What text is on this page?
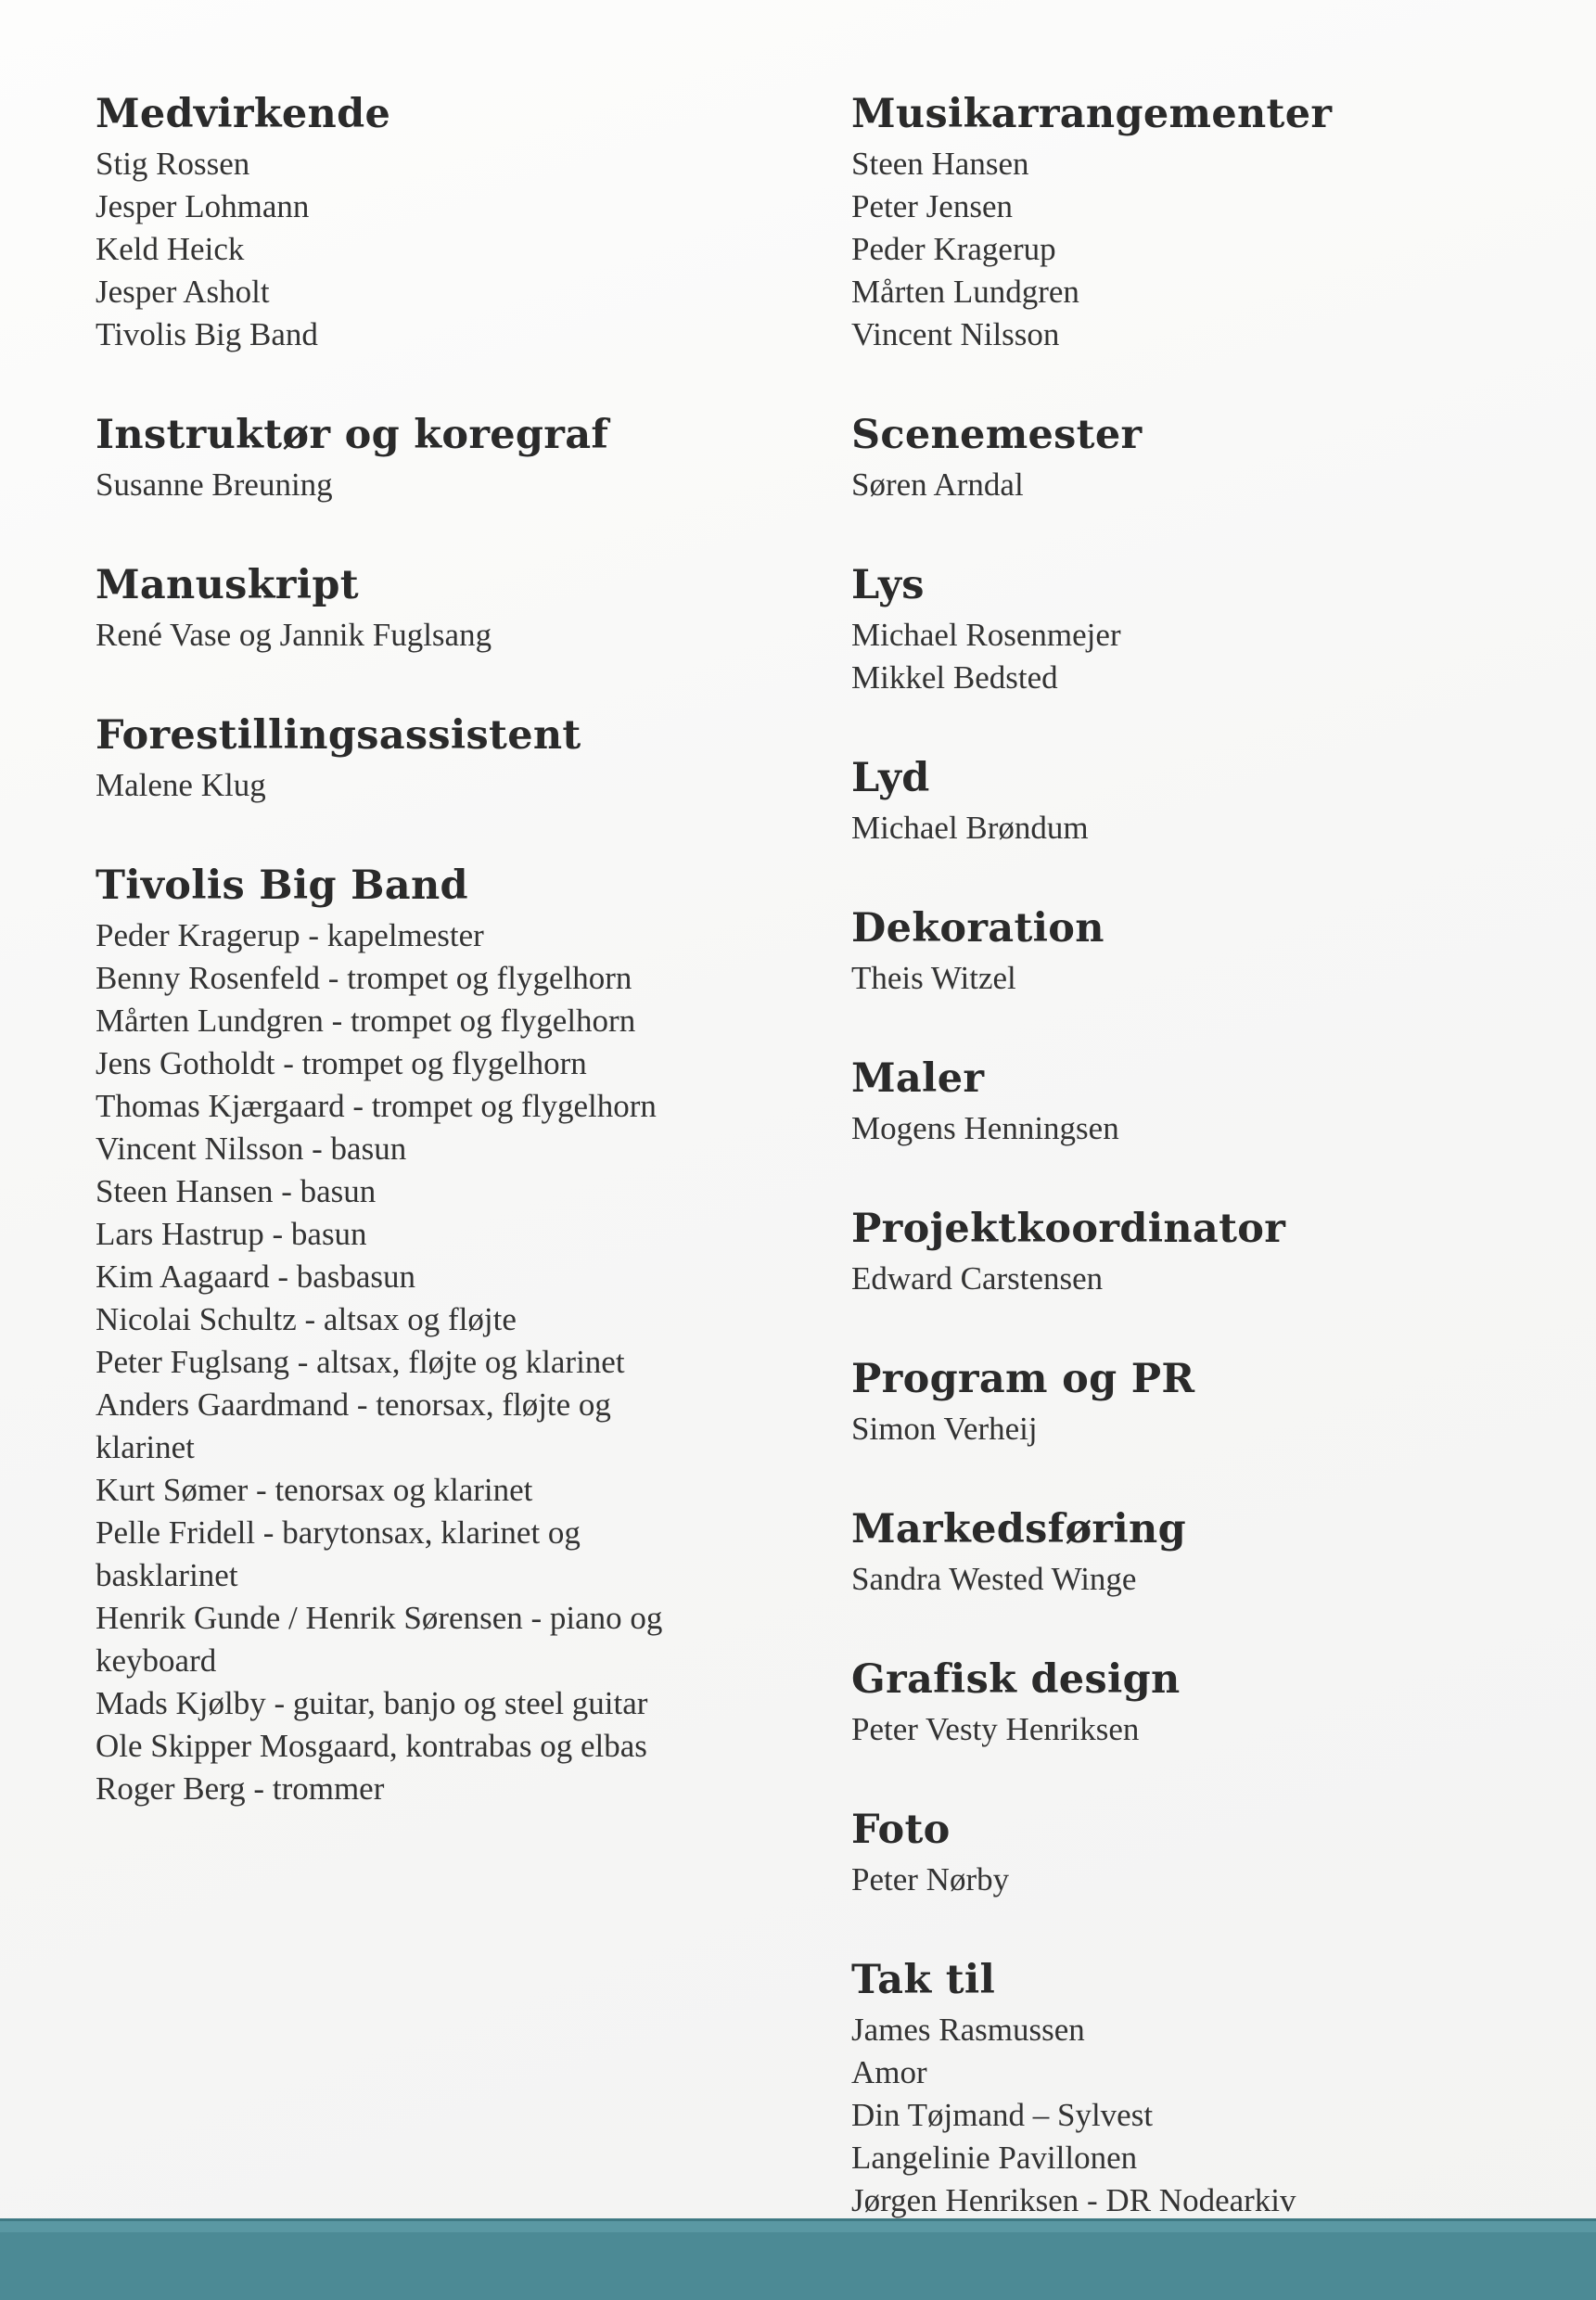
Medvirkende
Stig Rossen
Jesper Lohmann
Keld Heick
Jesper Asholt
Tivolis Big Band
Instruktør og koregraf
Susanne Breuning
Manuskript
René Vase og Jannik Fuglsang
Forestillingsassistent
Malene Klug
Tivolis Big Band
Peder Kragerup - kapelmester
Benny Rosenfeld - trompet og flygelhorn
Mårten Lundgren - trompet og flygelhorn
Jens Gotholdt - trompet og flygelhorn
Thomas Kjærgaard - trompet og flygelhorn
Vincent Nilsson - basun
Steen Hansen - basun
Lars Hastrup - basun
Kim Aagaard - basbasun
Nicolai Schultz - altsax og fløjte
Peter Fuglsang - altsax, fløjte og klarinet
Anders Gaardmand - tenorsax, fløjte og
klarinet
Kurt Sømer - tenorsax og klarinet
Pelle Fridell - barytonsax, klarinet og
basklarinet
Henrik Gunde / Henrik Sørensen - piano og
keyboard
Mads Kjølby - guitar, banjo og steel guitar
Ole Skipper Mosgaard, kontrabas og elbas
Roger Berg - trommer
Musikarrangementer
Steen Hansen
Peter Jensen
Peder Kragerup
Mårten Lundgren
Vincent Nilsson
Scenemester
Søren Arndal
Lys
Michael Rosenmejer
Mikkel Bedsted
Lyd
Michael Brøndum
Dekoration
Theis Witzel
Maler
Mogens Henningsen
Projektkoordinator
Edward Carstensen
Program og PR
Simon Verheij
Markedsføring
Sandra Wested Winge
Grafisk design
Peter Vesty Henriksen
Foto
Peter Nørby
Tak til
James Rasmussen
Amor
Din Tøjmand – Sylvest
Langelinie Pavillonen
Jørgen Henriksen - DR Nodearkiv
